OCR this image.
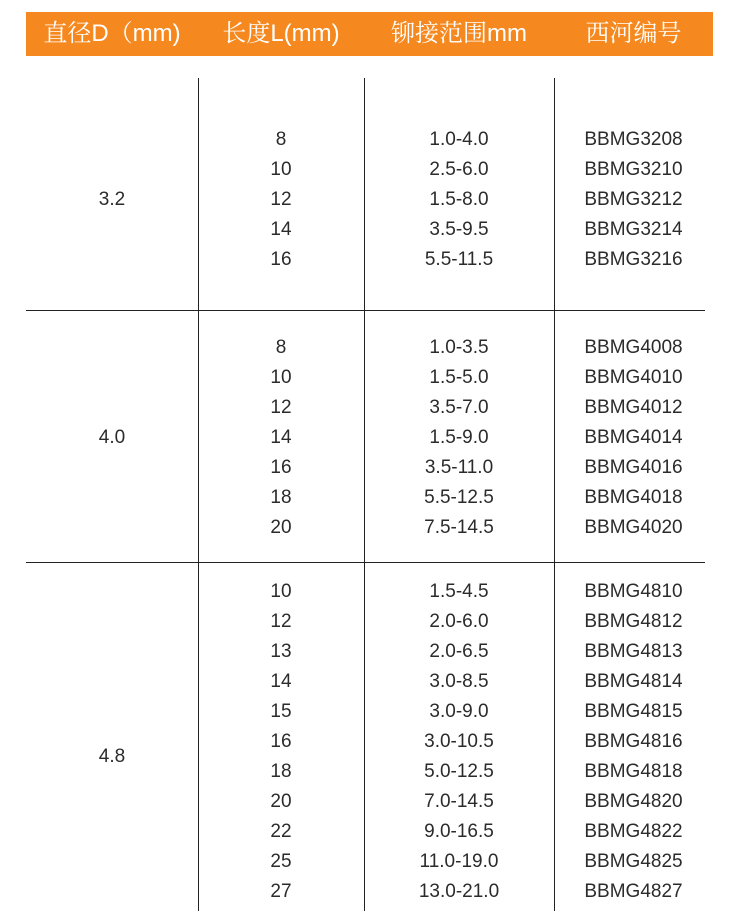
直径D（mm)	长度L(mm)	铆接范围mm	西河编号
3.2
8	1.0-4.0	BBMG3208
10	2.5-6.0	BBMG3210
12	1.5-8.0	BBMG3212
14	3.5-9.5	BBMG3214
16	5.5-11.5	BBMG3216
4.0
8	1.0-3.5	BBMG4008
10	1.5-5.0	BBMG4010
12	3.5-7.0	BBMG4012
14	1.5-9.0	BBMG4014
16	3.5-11.0	BBMG4016
18	5.5-12.5	BBMG4018
20	7.5-14.5	BBMG4020
4.8
10	1.5-4.5	BBMG4810
12	2.0-6.0	BBMG4812
13	2.0-6.5	BBMG4813
14	3.0-8.5	BBMG4814
15	3.0-9.0	BBMG4815
16	3.0-10.5	BBMG4816
18	5.0-12.5	BBMG4818
20	7.0-14.5	BBMG4820
22	9.0-16.5	BBMG4822
25	11.0-19.0	BBMG4825
27	13.0-21.0	BBMG4827
